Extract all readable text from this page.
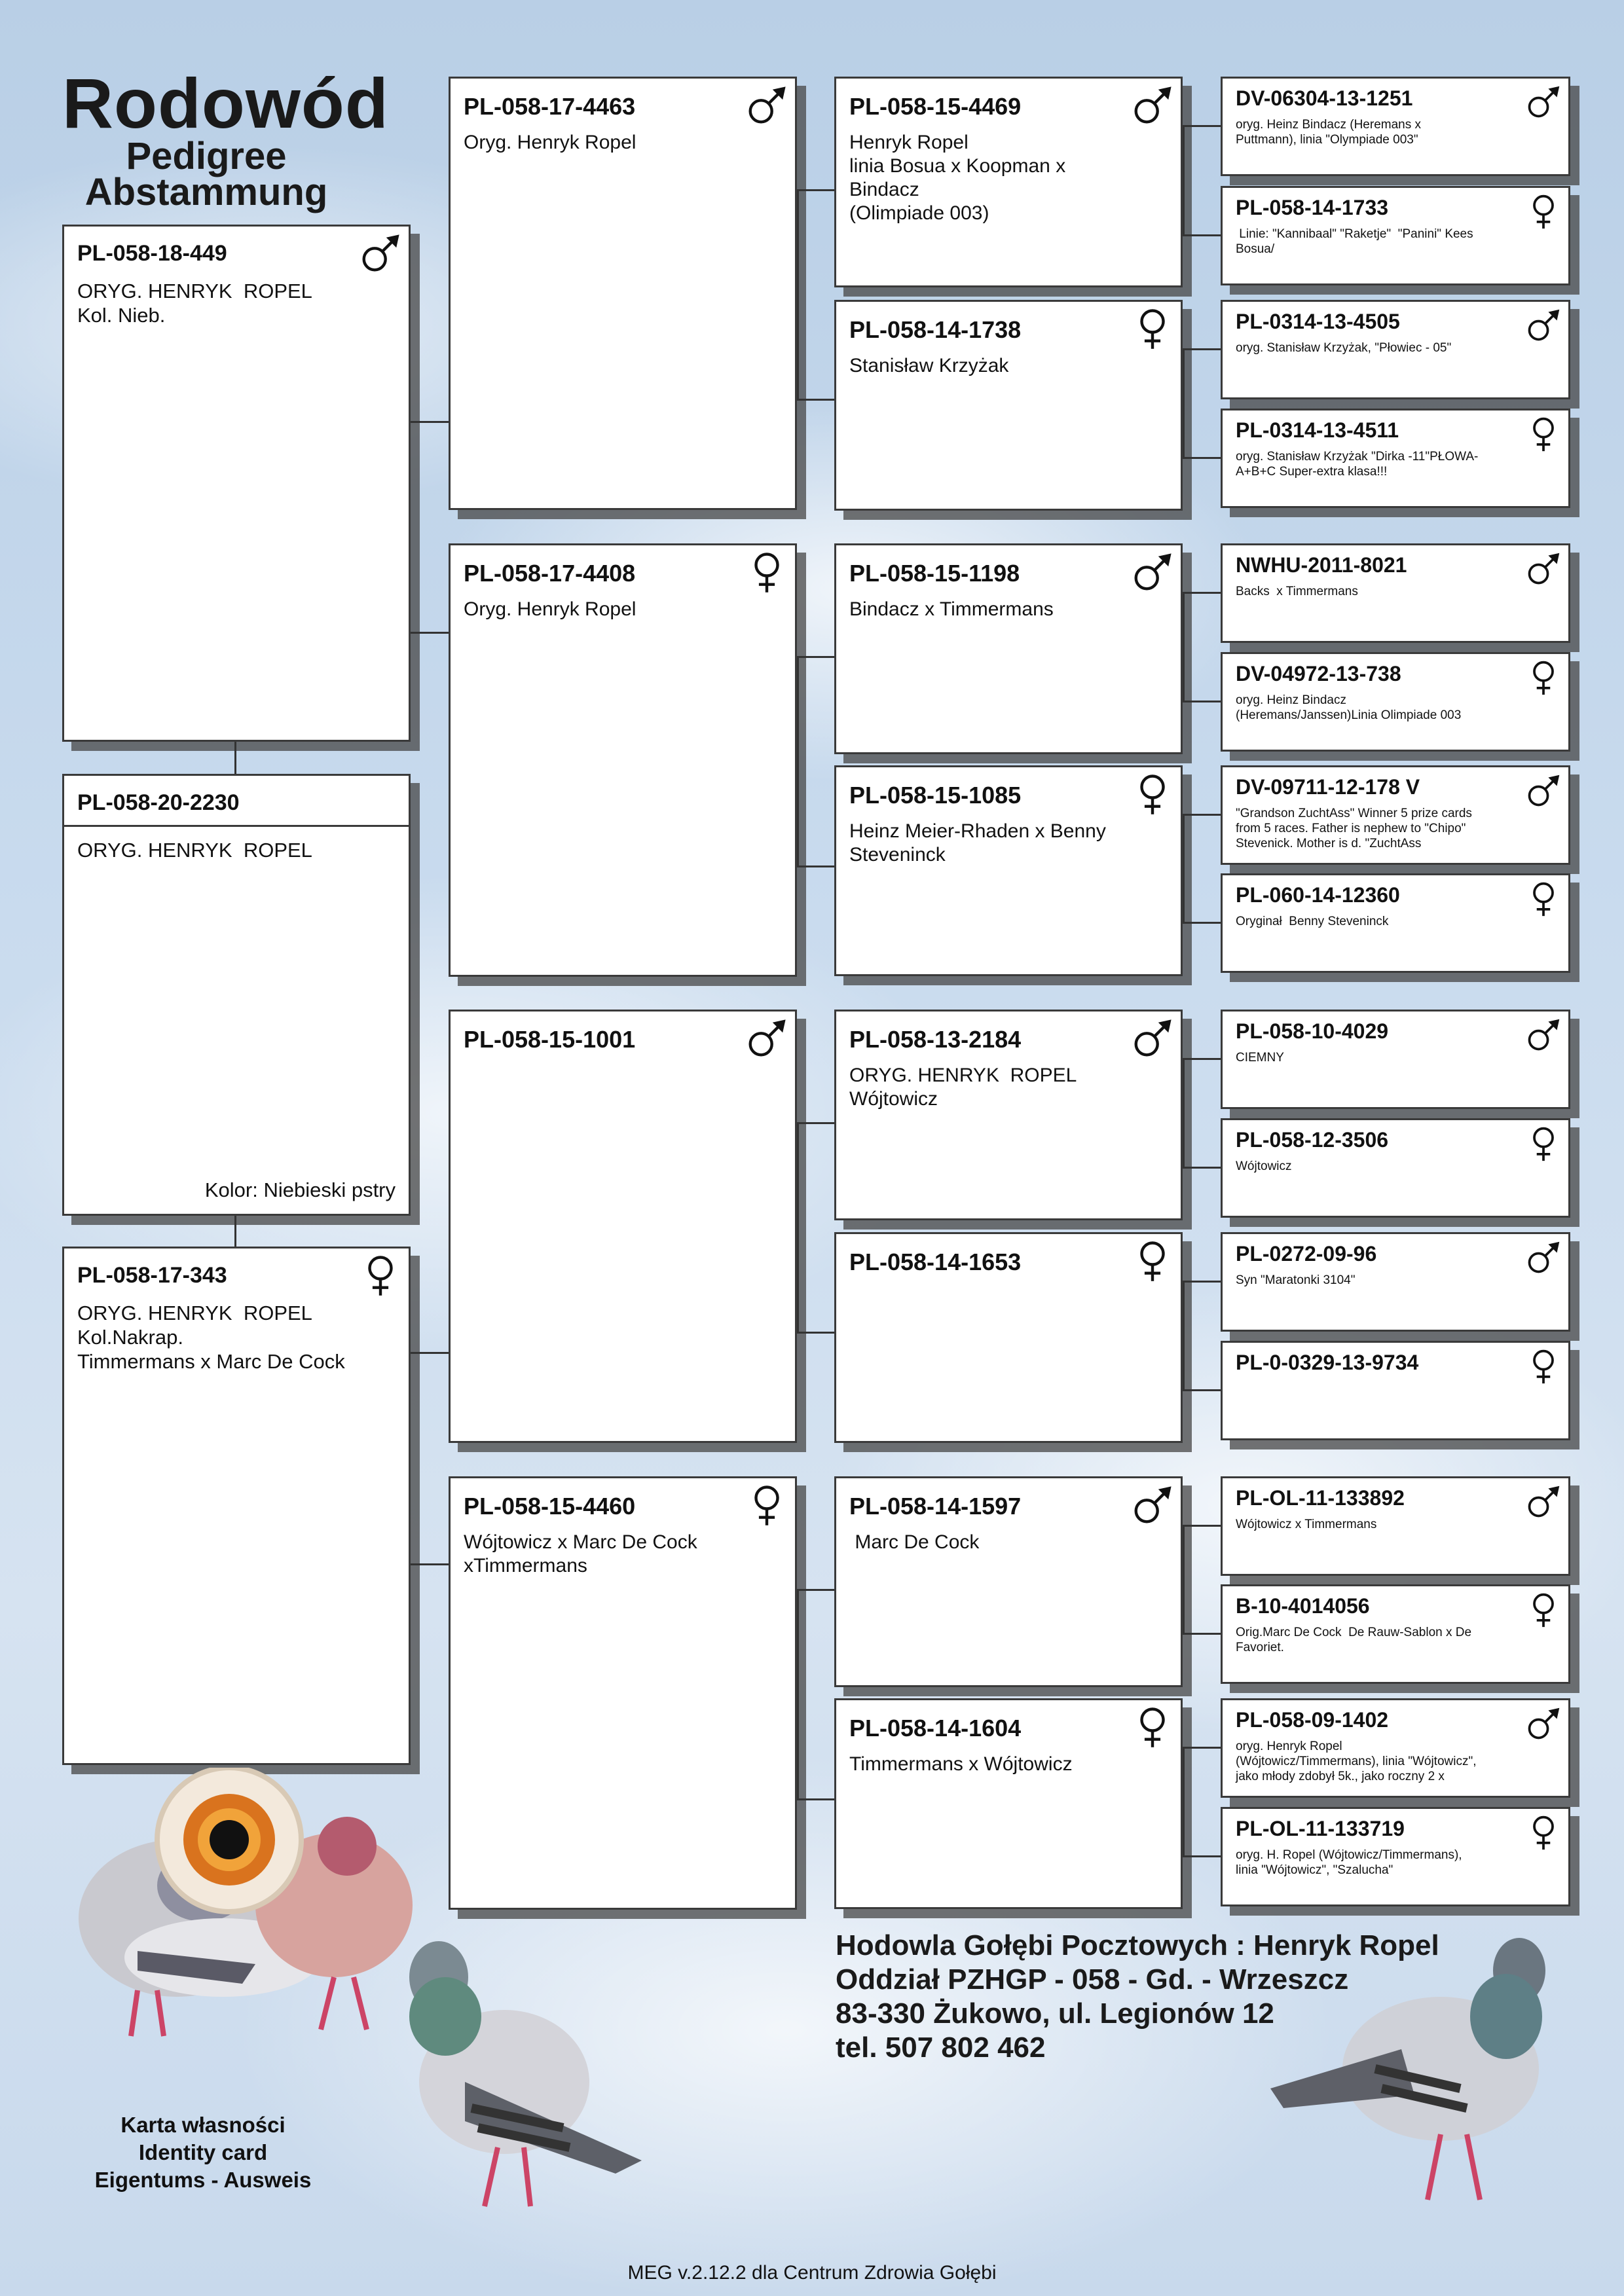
Rodowód
Pedigree
Abstammung
PL-058-18-449
ORYG. HENRYK  ROPEL
Kol. Nieb.
PL-058-20-2230
ORYG. HENRYK  ROPEL
Kolor: Niebieski pstry
PL-058-17-343
ORYG. HENRYK  ROPEL
Kol.Nakrap.
Timmermans x Marc De Cock
PL-058-17-4463
Oryg. Henryk Ropel
PL-058-17-4408
Oryg. Henryk Ropel
PL-058-15-1001
PL-058-15-4460
Wójtowicz x Marc De Cock
xTimmermans
PL-058-15-4469
Henryk Ropel
linia Bosua x Koopman x Bindacz
(Olimpiade 003)
PL-058-14-1738
Stanisław Krzyżak
PL-058-15-1198
Bindacz x Timmermans
PL-058-15-1085
Heinz Meier-Rhaden x Benny
Steveninck
PL-058-13-2184
ORYG. HENRYK  ROPEL
Wójtowicz
PL-058-14-1653
PL-058-14-1597
Marc De Cock
PL-058-14-1604
Timmermans x Wójtowicz
DV-06304-13-1251
oryg. Heinz Bindacz (Heremans x
Puttmann), linia "Olympiade 003"
PL-058-14-1733
Linie: "Kannibaal" "Raketje"  "Panini" Kees
Bosua/
PL-0314-13-4505
oryg. Stanisław Krzyżak, "Płowiec - 05"
PL-0314-13-4511
oryg. Stanisław Krzyżak "Dirka -11"PŁOWA-
A+B+C Super-extra klasa!!!
NWHU-2011-8021
Backs  x Timmermans
DV-04972-13-738
oryg. Heinz Bindacz
(Heremans/Janssen)Linia Olimpiade 003
DV-09711-12-178 V
"Grandson ZuchtAss" Winner 5 prize cards
from 5 races. Father is nephew to "Chipo"
Stevenick. Mother is d. "ZuchtAss
PL-060-14-12360
Oryginał  Benny Steveninck
PL-058-10-4029
CIEMNY
PL-058-12-3506
Wójtowicz
PL-0272-09-96
Syn "Maratonki 3104"
PL-0-0329-13-9734
PL-OL-11-133892
Wójtowicz x Timmermans
B-10-4014056
Orig.Marc De Cock  De Rauw-Sablon x De
Favoriet.
PL-058-09-1402
oryg. Henryk Ropel
(Wójtowicz/Timmermans), linia "Wójtowicz",
jako młody zdobył 5k., jako roczny 2 x
PL-OL-11-133719
oryg. H. Ropel (Wójtowicz/Timmermans),
linia "Wójtowicz", "Szalucha"
Hodowla Gołębi Pocztowych : Henryk Ropel
Oddział PZHGP - 058 - Gd. - Wrzeszcz
83-330 Żukowo, ul. Legionów 12
tel. 507 802 462
Karta własności
Identity card
Eigentums - Ausweis
MEG v.2.12.2 dla Centrum Zdrowia Gołębi
